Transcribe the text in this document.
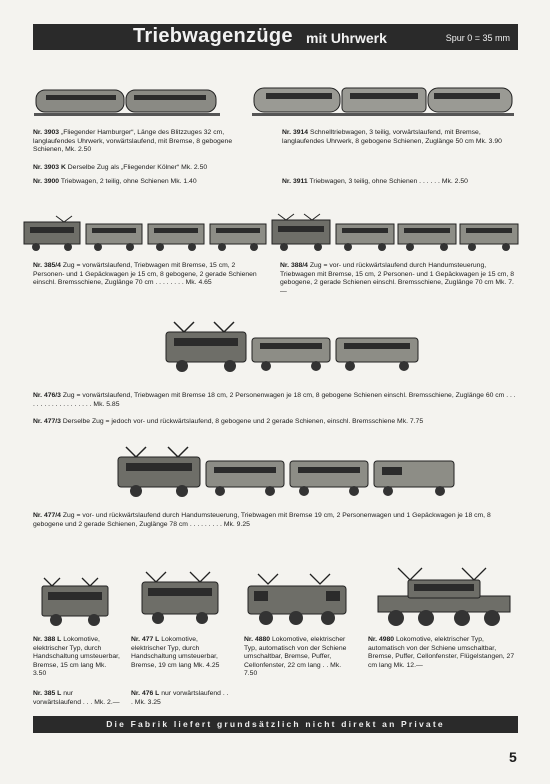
Triebwagenzüge mit Uhrwerk	Spur 0 = 35 mm
Nr. 3903 „Fliegender Hamburger“, Länge des Blitzzuges 32 cm, langlaufendes Uhrwerk, vorwärtslaufend, mit Bremse, 8 gebogene Schienen, Mk. 2.50
Nr. 3903 K Derselbe Zug als „Fliegender Kölner“ Mk. 2.50
Nr. 3900 Triebwagen, 2 teilig, ohne Schienen Mk. 1.40
Nr. 3914 Schnelltriebwagen, 3 teilig, vorwärtslaufend, mit Bremse, langlaufendes Uhrwerk, 8 gebogene Schienen, Zuglänge 50 cm Mk. 3.90
Nr. 3911 Triebwagen, 3 teilig, ohne Schienen . . . . . . Mk. 2.50
Nr. 385/4 Zug = vorwärtslaufend, Triebwagen mit Bremse, 15 cm, 2 Personen- und 1 Gepäckwagen je 15 cm, 8 gebogene, 2 gerade Schienen einschl. Bremsschiene, Zuglänge 70 cm . . . . . . . . Mk. 4.65
Nr. 388/4 Zug = vor- und rückwärtslaufend durch Handumsteuerung, Triebwagen mit Bremse, 15 cm, 2 Personen- und 1 Gepäckwagen je 15 cm, 8 gebogene, 2 gerade Schienen einschl. Bremsschiene, Zuglänge 70 cm Mk. 7.—
Nr. 476/3 Zug = vorwärtslaufend, Triebwagen mit Bremse 18 cm, 2 Personenwagen je 18 cm, 8 gebogene Schienen einschl. Bremsschiene, Zuglänge 60 cm . . . . . . . . . . . . . . . . . . . Mk. 5.85
Nr. 477/3 Derselbe Zug = jedoch vor- und rückwärtslaufend, 8 gebogene und 2 gerade Schienen, einschl. Bremsschiene Mk. 7.75
Nr. 477/4 Zug = vor- und rückwärtslaufend durch Handumsteuerung, Triebwagen mit Bremse 19 cm, 2 Personenwagen und 1 Gepäckwagen je 18 cm, 8 gebogene und 2 gerade Schienen, Zuglänge 78 cm . . . . . . . . . Mk. 9.25
Nr. 388 L Lokomotive, elektrischer Typ, durch Handschaltung umsteuerbar, Bremse, 15 cm lang Mk. 3.50
Nr. 385 L nur vorwärtslaufend . . . Mk. 2.—
Nr. 477 L Lokomotive, elektrischer Typ, durch Handschaltung umsteuerbar, Bremse, 19 cm lang Mk. 4.25
Nr. 476 L nur vorwärtslaufend . . . Mk. 3.25
Nr. 4880 Lokomotive, elektrischer Typ, automatisch von der Schiene umschaltbar, Bremse, Puffer, Cellonfenster, 22 cm lang . . Mk. 7.50
Nr. 4980 Lokomotive, elektrischer Typ, automatisch von der Schiene umschaltbar, Bremse, Puffer, Cellonfenster, Flügelstangen, 27 cm lang Mk. 12.—
Die Fabrik liefert grundsätzlich nicht direkt an Private
5
